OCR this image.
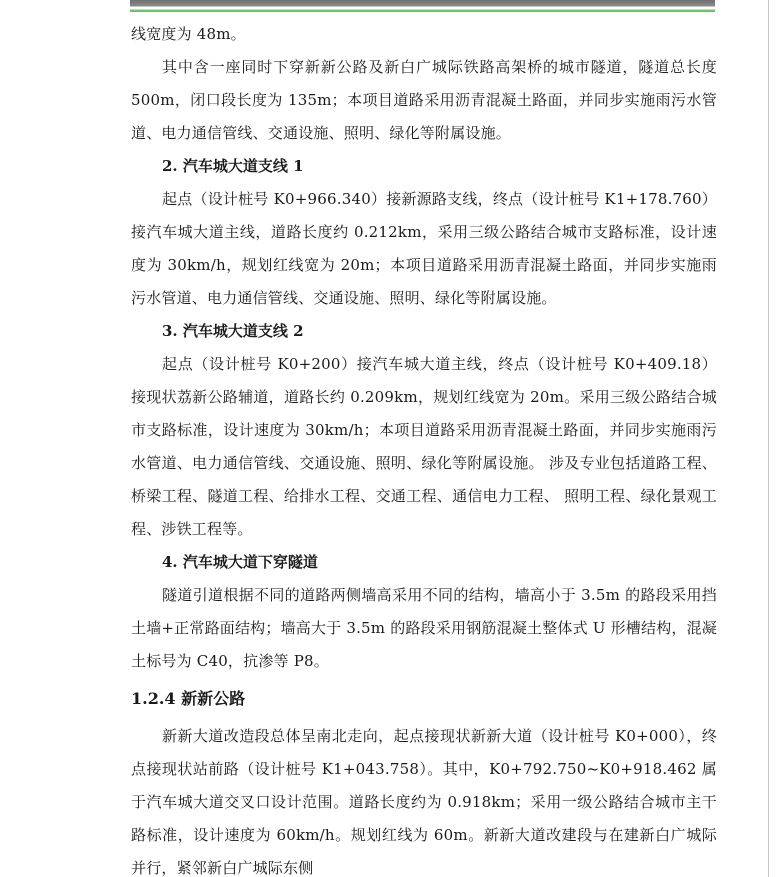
线宽度为 48m。

其中含一座同时下穿新新公路及新白广城际铁路高架桥的城市隧道，隧道总长度500m，闭口段长度为 135m；本项目道路采用沥青混凝土路面，并同步实施雨污水管道、电力通信管线、交通设施、照明、绿化等附属设施。

2. 汽车城大道支线 1

起点（设计桩号 K0+966.340）接新源路支线，终点（设计桩号 K1+178.760）接汽车城大道主线，道路长度约 0.212km，采用三级公路结合城市支路标准，设计速度为 30km/h，规划红线宽为 20m；本项目道路采用沥青混凝土路面，并同步实施雨污水管道、电力通信管线、交通设施、照明、绿化等附属设施。

3. 汽车城大道支线 2

起点（设计桩号 K0+200）接汽车城大道主线，终点（设计桩号 K0+409.18）接现状荔新公路辅道，道路长约 0.209km，规划红线宽为 20m。采用三级公路结合城市支路标准，设计速度为 30km/h；本项目道路采用沥青混凝土路面，并同步实施雨污水管道、电力通信管线、交通设施、照明、绿化等附属设施。 涉及专业包括道路工程、桥梁工程、隧道工程、给排水工程、交通工程、通信电力工程、 照明工程、绿化景观工程、涉铁工程等。

4. 汽车城大道下穿隧道

隧道引道根据不同的道路两侧墙高采用不同的结构，墙高小于 3.5m 的路段采用挡土墙+正常路面结构；墙高大于 3.5m 的路段采用钢筋混凝土整体式 U 形槽结构，混凝土标号为 C40，抗渗等 P8。

1.2.4 新新公路

新新大道改造段总体呈南北走向，起点接现状新新大道（设计桩号 K0+000），终点接现状站前路（设计桩号 K1+043.758）。其中，K0+792.750~K0+918.462 属于汽车城大道交叉口设计范围。道路长度约为 0.918km；采用一级公路结合城市主干路标准，设计速度为 60km/h。规划红线为 60m。新新大道改建段与在建新白广城际并行，紧邻新白广城际东侧
